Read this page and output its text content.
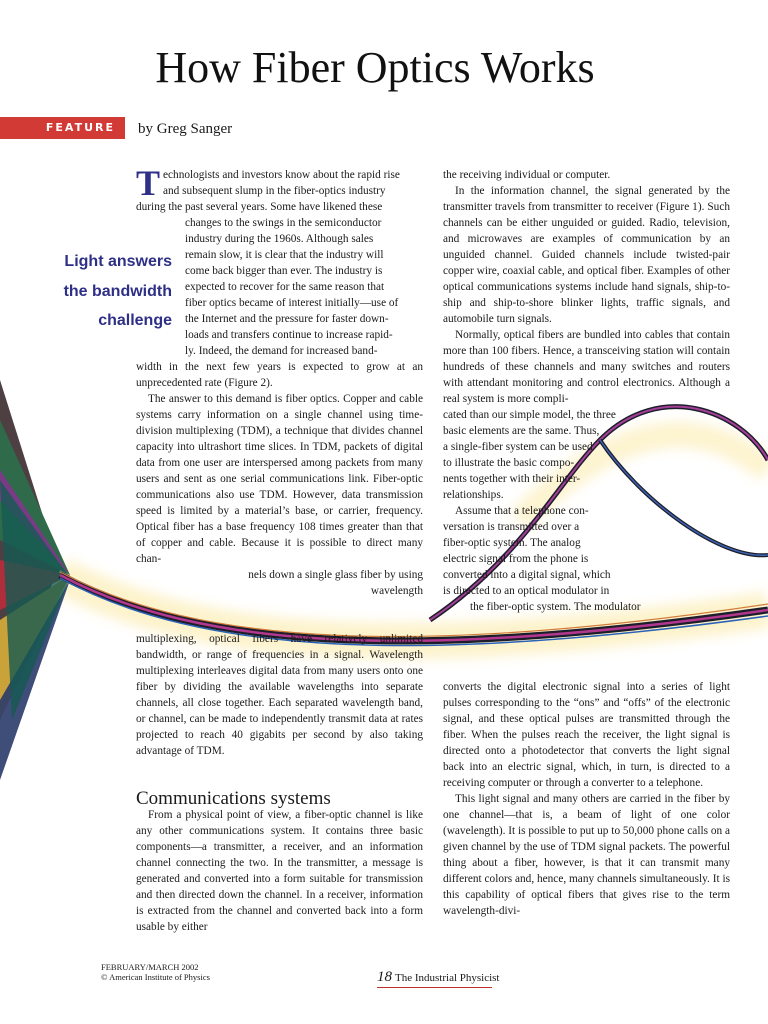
How Fiber Optics Works
FEATURE	by Greg Sanger
Light answers
the bandwidth
challenge
T echnologists and investors know about the rapid rise

and subsequent slump in the fiber-optics industry

during the past several years. Some have likened these

changes to the swings in the semiconductor

industry during the 1960s. Although sales

remain slow, it is clear that the industry will

come back bigger than ever. The industry is

expected to recover for the same reason that

fiber optics became of interest initially—use of

the Internet and the pressure for faster down-

loads and transfers continue to increase rapid-

ly. Indeed, the demand for increased band-

width in the next few years is expected to grow at an unprecedented rate (Figure 2).

The answer to this demand is fiber optics. Copper and cable systems carry information on a single channel using time-division multiplexing (TDM), a technique that divides channel capacity into ultrashort time slices. In TDM, packets of digital data from one user are interspersed among packets from many users and sent as one serial communications link. Fiber-optic communications also use TDM. However, data transmission speed is limited by a material’s base, or carrier, frequency. Optical fiber has a base frequency 108 times greater than that of copper and cable. Because it is possible to direct many chan-

nels down a single glass fiber by using

wavelength

multiplexing, optical fibers have relatively unlimited bandwidth, or range of frequencies in a signal. Wavelength multiplexing interleaves digital data from many users onto one fiber by dividing the available wavelengths into separate channels, all close together. Each separated wavelength band, or channel, can be made to independently transmit data at rates projected to reach 40 gigabits per second by also taking advantage of TDM.

Communications systems

From a physical point of view, a fiber-optic channel is like any other communications system. It contains three basic components—a transmitter, a receiver, and an information channel connecting the two. In the transmitter, a message is generated and converted into a form suitable for transmission and then directed down the channel. In a receiver, information is extracted from the channel and converted back into a form usable by either

the receiving individual or computer.

In the information channel, the signal generated by the transmitter travels from transmitter to receiver (Figure 1). Such channels can be either unguided or guided. Radio, television, and microwaves are examples of communication by an unguided channel. Guided channels include twisted-pair copper wire, coaxial cable, and optical fiber. Examples of other optical communications systems include hand signals, ship-to-ship and ship-to-shore blinker lights, traffic signals, and automobile turn signals.

Normally, optical fibers are bundled into cables that contain more than 100 fibers. Hence, a transceiving station will contain hundreds of these channels and many switches and routers with attendant monitoring and control electronics. Although a real system is more compli-

cated than our simple model, the three

basic elements are the same. Thus,

a single-fiber system can be used

to illustrate the basic compo-

nents together with their inter-

relationships.

Assume that a telephone con-

versation is transmitted over a

fiber-optic system. The analog

electric signal from the phone is

converted into a digital signal, which

is directed to an optical modulator in

the fiber-optic system. The modulator

converts the digital electronic signal into a series of light pulses corresponding to the “ons” and “offs” of the electronic signal, and these optical pulses are transmitted through the fiber. When the pulses reach the receiver, the light signal is directed onto a photodetector that converts the light signal back into an electric signal, which, in turn, is directed to a receiving computer or through a converter to a telephone.

This light signal and many others are carried in the fiber by one channel—that is, a beam of light of one color (wavelength). It is possible to put up to 50,000 phone calls on a given channel by the use of TDM signal packets. The powerful thing about a fiber, however, is that it can transmit many different colors and, hence, many channels simultaneously. It is this capability of optical fibers that gives rise to the term wavelength-divi-

FEBRUARY/MARCH 2002
© American Institute of Physics	18 The Industrial Physicist
